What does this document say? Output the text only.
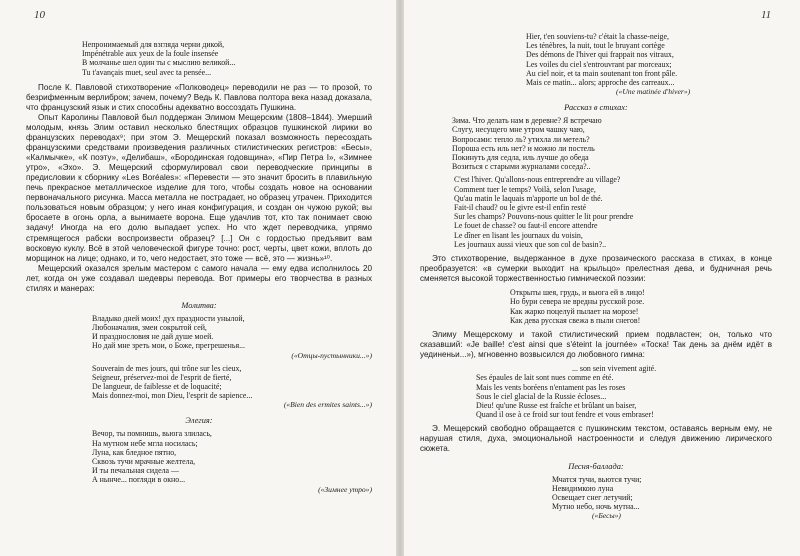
10
Непронимаемый для взгляда черни дикой,
Impénétrable aux yeux de la foule insensée
В молчанье шел один ты с мыслию великой...
Tu t'avançais muet, seul avec ta pensée...

После К. Павловой стихотворение «Полководец» переводили не раз — то прозой, то безрифменным верлибром; зачем, почему? Ведь К. Павлова полтора века назад доказала, что французский язык и стих способны адекватно воссоздать Пушкина.

Опыт Каролины Павловой был поддержан Элимом Мещерским (1808–1844). Умерший молодым, князь Элим оставил несколько блестящих образцов пушкинской лирики во французских переводах⁹; при этом Э. Мещерский показал возможность пересоздать французскими средствами произведения различных стилистических регистров: «Бесы», «Калмычке», «К поэту», «Делибаш», «Бородинская годовщина», «Пир Петра I», «Зимнее утро», «Эхо». Э. Мещерский сформулировал свои переводческие принципы в предисловии к сборнику «Les Boréales»: «Перевести — это значит бросить в плавильную печь прекрасное металлическое изделие для того, чтобы создать новое на основании первоначального рисунка. Масса металла не пострадает, но образец утрачен. Приходится пользоваться новым образцом; у него иная конфигурация, и создан он чужою рукой; вы бросаете в огонь орла, а вынимаете ворона. Еще удачлив тот, кто так понимает свою задачу! Иногда на его долю выпадает успех. Но что ждет переводчика, упрямо стремящегося рабски воспроизвести образец? [...] Он с гордостью предъявит вам восковую куклу. Всё в этой человеческой фигуре точно: рост, черты, цвет кожи, вплоть до морщинок на лице; однако, и то, чего недостает, это тоже — всё, это — жизнь»¹⁰.

Мещерский оказался зрелым мастером с самого начала — ему едва исполнилось 20 лет, когда он уже создавал шедевры перевода. Вот примеры его творчества в разных стилях и манерах:

Молитва:
Владыко дней моих! дух праздности унылой,
Любоначалия, змеи сокрытой сей,
И празднословия не дай душе моей.
Но дай мне зреть мои, о Боже, прегрешенья...
(«Отцы-пустынники...»)
Souverain de mes jours, qui trône sur les cieux,
Seigneur, préservez-moi de l'esprit de fierté,
De langueur, de faiblesse et de loquacité;
Mais donnez-moi, mon Dieu, l'esprit de sapience...
(«Bien des ermites saints...»)
Элегия:
Вечор, ты помнишь, вьюга злилась,
На мутном небе мгла носилась;
Луна, как бледное пятно,
Сквозь тучи мрачные желтела,
И ты печальная сидела —
А нынче... погляди в окно...
(«Зимнее утро»)
11
Hier, t'en souviens-tu? c'était la chasse-neige,
Les ténèbres, la nuit, tout le bruyant cortège
Des démons de l'hiver qui frappait nos vitraux,
Les voiles du ciel s'entrouvrant par morceaux;
Au ciel noir, et ta main soutenant ton front pâle.
Mais ce matin... alors; approche des carreaux...
(«Une matinée d'hiver»)
Рассказ в стихах:
Зима. Что делать нам в деревне? Я встречаю
Слугу, несущего мне утром чашку чаю,
Вопросами: тепло ль? утихла ли метель?
Пороша есть иль нет? и можно ли постель
Покинуть для седла, иль лучше до обеда
Возиться с старыми журналами соседа?..
C'est l'hiver. Qu'allons-nous entreprendre au village?
Comment tuer le temps? Voilà, selon l'usage,
Qu'au matin le laquais m'apporte un bol de thé.
Fait-il chaud? ou le givre est-il enfin resté
Sur les champs? Pouvons-nous quitter le lit pour prendre
Le fouet de chasse? ou faut-il encore attendre
Le dîner en lisant les journaux du voisin,
Les journaux aussi vieux que son col de basin?..

Это стихотворение, выдержанное в духе прозаического рассказа в стихах, в конце преобразуется: «в сумерки выходит на крыльцо» прелестная дева, и будничная речь сменяется высокой торжественностью гимнической поэзии:

Открыты шея, грудь, и вьюга ей в лицо!
Но бури севера не вредны русской розе.
Как жарко поцелуй пылает на морозе!
Как дева русская свежа в пыли снегов!

Элиму Мещерскому и такой стилистический прием подвластен; он, только что сказавший: «Je baille! c'est ainsi que s'éteint la journée» «Тоска! Так день за днём идёт в уединеньи...»), мгновенно возвысился до любовного гимна:

... son sein vivement agité.
Ses épaules de lait sont nues comme en été.
Mais les vents boréens n'entament pas les roses
Sous le ciel glacial de la Russie écloses...
Dieu! qu'une Russe est fraîche et brûlant un baiser,
Quand il ose à ce froid sur tout fendre et vous embraser!

Э. Мещерский свободно обращается с пушкинским текстом, оставаясь верным ему, не нарушая стиля, духа, эмоциональной настроенности и следуя движению лирического сюжета.

Песня-баллада:
Мчатся тучи, вьются тучи;
Невидимкою луна
Освещает снег летучий;
Мутно небо, ночь мутна...
(«Бесы»)
